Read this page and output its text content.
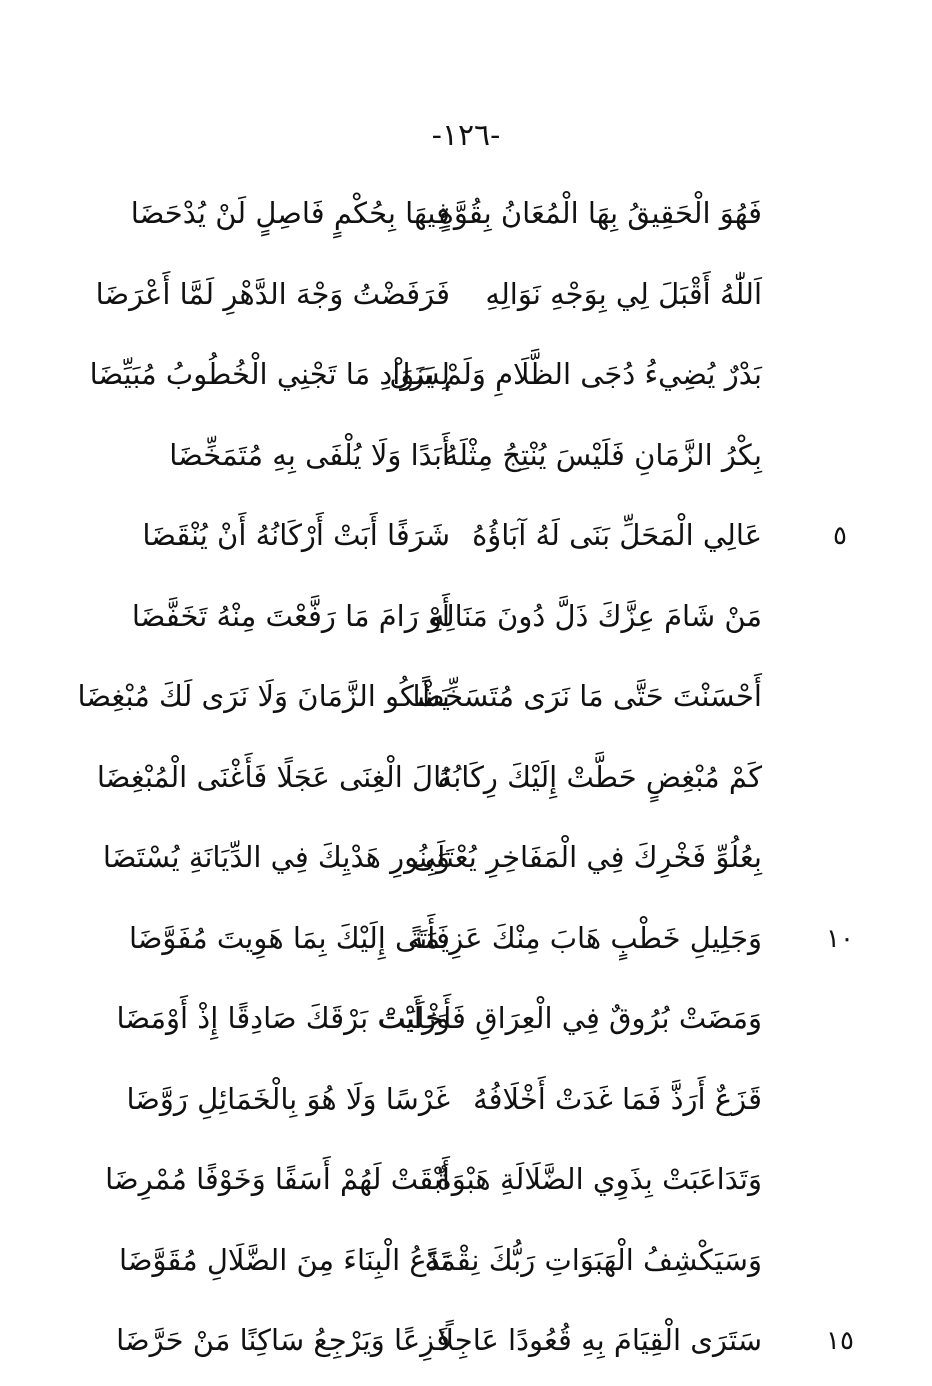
-١٢٦-
فَهُوَ الْحَقِيقُ بِهَا الْمُعَانُ بِقُوَّةٍ
فِيهَا بِحُكْمٍ فَاصِلٍ لَنْ يُدْحَضَا
اَللّٰهُ أَقْبَلَ لِي بِوَجْهِ نَوَالِهِ
فَرَفَضْتُ وَجْهَ الدَّهْرِ لَمَّا أَعْرَضَا
بَدْرٌ يُضِيءُ دُجَى الظَّلَامِ وَلَمْ يَزَلْ
لِسَوَادِ مَا تَجْنِي الْخُطُوبُ مُبَيِّضَا
بِكْرُ الزَّمَانِ فَلَيْسَ يُنْتِجُ مِثْلَهُ
أَبَدًا وَلَا يُلْفَى بِهِ مُتَمَخِّضَا
٥
عَالِي الْمَحَلِّ بَنَى لَهُ آبَاؤُهُ
شَرَفًا أَبَتْ أَرْكَانُهُ أَنْ يُنْقَضَا
مَنْ شَامَ عِزَّكَ ذَلَّ دُونَ مَنَالِهِ
أَوْ رَامَ مَا رَفَّعْتَ مِنْهُ تَخَفَّضَا
أَحْسَنْتَ حَتَّى مَا نَرَى مُتَسَخِّطًا
يَشْكُو الزَّمَانَ وَلَا نَرَى لَكَ مُبْغِضَا
كَمْ مُبْغِضٍ حَطَّتْ إِلَيْكَ رِكَابُهُ
نَالَ الْغِنَى عَجَلًا فَأَغْنَى الْمُبْغِضَا
بِعُلُوِّ فَخْرِكَ فِي الْمَفَاخِرِ يُعْتَلَى
وَبِنُورِ هَدْيِكَ فِي الدِّيَانَةِ يُسْتَضَا
١٠
وَجَلِيلِ خَطْبٍ هَابَ مِنْكَ عَزِيمَةً
فَأَتَى إِلَيْكَ بِمَا هَوِيتَ مُفَوَّضَا
وَمَضَتْ بُرُوقٌ فِي الْعِرَاقِ فَأَخْلَبَتْ
وَرَأَيْتَ بَرْقَكَ صَادِقًا إِذْ أَوْمَضَا
قَزَعٌ أَرَذَّ فَمَا غَدَتْ أَخْلَافُهُ
غَرْسًا وَلَا هُوَ بِالْخَمَائِلِ رَوَّضَا
وَتَدَاعَبَتْ بِذَوِي الضَّلَالَةِ هَبْوَةٌ
أَبْقَتْ لَهُمْ أَسَفًا وَخَوْفًا مُمْرِضَا
وَسَيَكْشِفُ الْهَبَوَاتِ رَبُّكَ نِقْمَةً
تَدَعُ الْبِنَاءَ مِنَ الضَّلَالِ مُقَوَّضَا
١٥
سَتَرَى الْقِيَامَ بِهِ قُعُودًا عَاجِلًا
فَزِعًا وَيَرْجِعُ سَاكِنًا مَنْ حَرَّضَا
